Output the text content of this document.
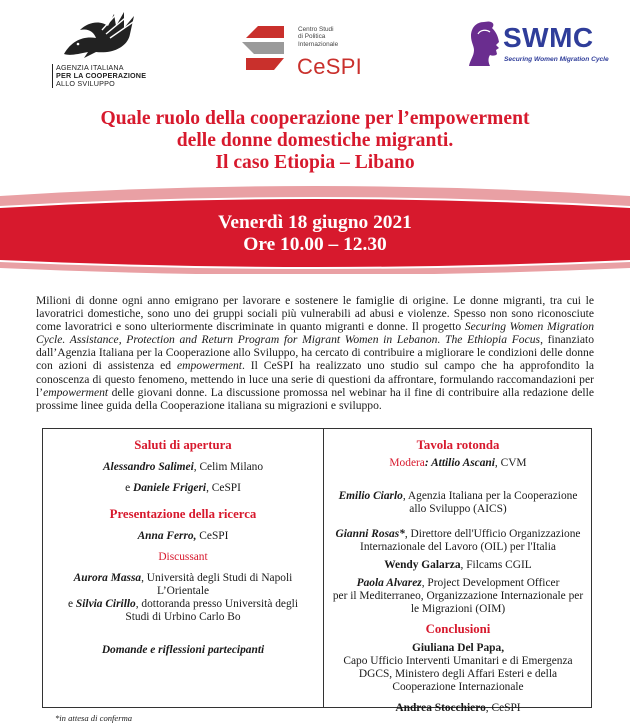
AGENZIA ITALIANA
PER LA COOPERAZIONE
ALLO SVILUPPO
Centro Studi
di Politica
Internazionale
CeSPI
SWMC
Securing Women Migration Cycle
Quale ruolo della cooperazione per l’empowerment
delle donne domestiche migranti.
Il caso Etiopia – Libano
Venerdì 18 giugno 2021
Ore 10.00 – 12.30

Milioni di donne ogni anno emigrano per lavorare e sostenere le famiglie di origine. Le donne migranti, tra cui le lavoratrici domestiche, sono uno dei gruppi sociali più vulnerabili ad abusi e violenze. Spesso non sono riconosciute come lavoratrici e sono ulteriormente discriminate in quanto migranti e donne. Il progetto Securing Women Migration Cycle. Assistance, Protection and Return Program for Migrant Women in Lebanon. The Ethiopia Focus, finanziato dall’Agenzia Italiana per la Cooperazione allo Sviluppo, ha cercato di contribuire a migliorare le condizioni delle donne con azioni di assistenza ed empowerment. Il CeSPI ha realizzato uno studio sul campo che ha approfondito la conoscenza di questo fenomeno, mettendo in luce una serie di questioni da affrontare, formulando raccomandazioni per l’empowerment delle giovani donne. La discussione promossa nel webinar ha il fine di contribuire alla redazione delle prossime linee guida della Cooperazione italiana su migrazioni e sviluppo.

Saluti di apertura
Alessandro Salimei, Celim Milano
e Daniele Frigeri, CeSPI
Presentazione della ricerca
Anna Ferro, CeSPI
Discussant
Aurora Massa, Università degli Studi di Napoli
L’Orientale
e Silvia Cirillo, dottoranda presso Università degli
Studi di Urbino Carlo Bo
Domande e riflessioni partecipanti
Tavola rotonda
Modera: Attilio Ascani, CVM
Emilio Ciarlo, Agenzia Italiana per la Cooperazione
allo Sviluppo (AICS)
Gianni Rosas*, Direttore dell'Ufficio Organizzazione
Internazionale del Lavoro (OIL) per l'Italia
Wendy Galarza, Filcams CGIL
Paola Alvarez, Project Development Officer
per il Mediterraneo, Organizzazione Internazionale per
le Migrazioni (OIM)
Conclusioni
Giuliana Del Papa,
Capo Ufficio Interventi Umanitari e di Emergenza
DGCS, Ministero degli Affari Esteri e della
Cooperazione Internazionale
Andrea Stocchiero, CeSPI
*in attesa di conferma
